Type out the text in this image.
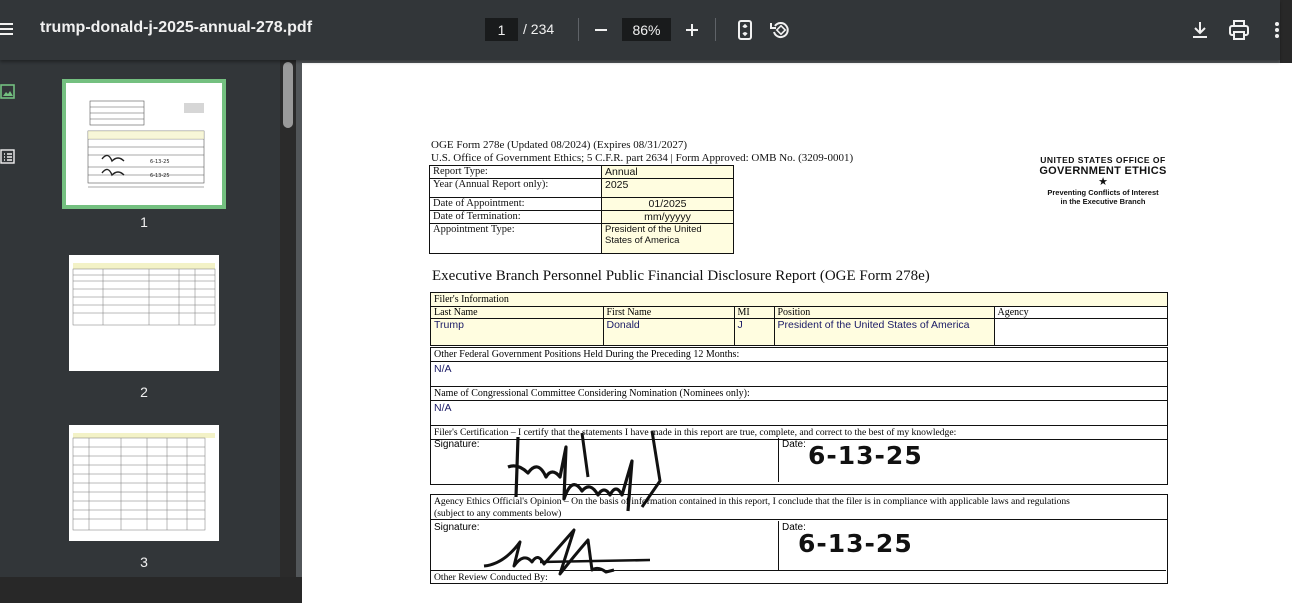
trump-donald-j-2025-annual-278.pdf
1	/ 234
86%
6-13-25
6-13-25
1
2
3
OGE Form 278e (Updated 08/2024) (Expires 08/31/2027)
U.S. Office of Government Ethics; 5 C.F.R. part 2634 | Form Approved: OMB No. (3209-0001)
Report Type:	Annual
Year (Annual Report only):	2025
Date of Appointment:	01/2025
Date of Termination:	mm/yyyyy
Appointment Type:	President of the United States of America
UNITED STATES OFFICE OF
GOVERNMENT ETHICS
★
Preventing Conflicts of Interest
in the Executive Branch
Executive Branch Personnel Public Financial Disclosure Report (OGE Form 278e)
Filer's Information
Last Name	First Name	MI	Position	Agency
Trump	Donald	J	President of the United States of America	
Other Federal Government Positions Held During the Preceding 12 Months:
N/A
Name of Congressional Committee Considering Nomination (Nominees only):
N/A
Filer's Certification – I certify that the statements I have made in this report are true, complete, and correct to the best of my knowledge:
Signature:	Date: 6-13-25
Agency Ethics Official's Opinion – On the basis of information contained in this report, I conclude that the filer is in compliance with applicable laws and regulations
(subject to any comments below)
Signature:	Date:
Other Review Conducted By:
6-13-25
